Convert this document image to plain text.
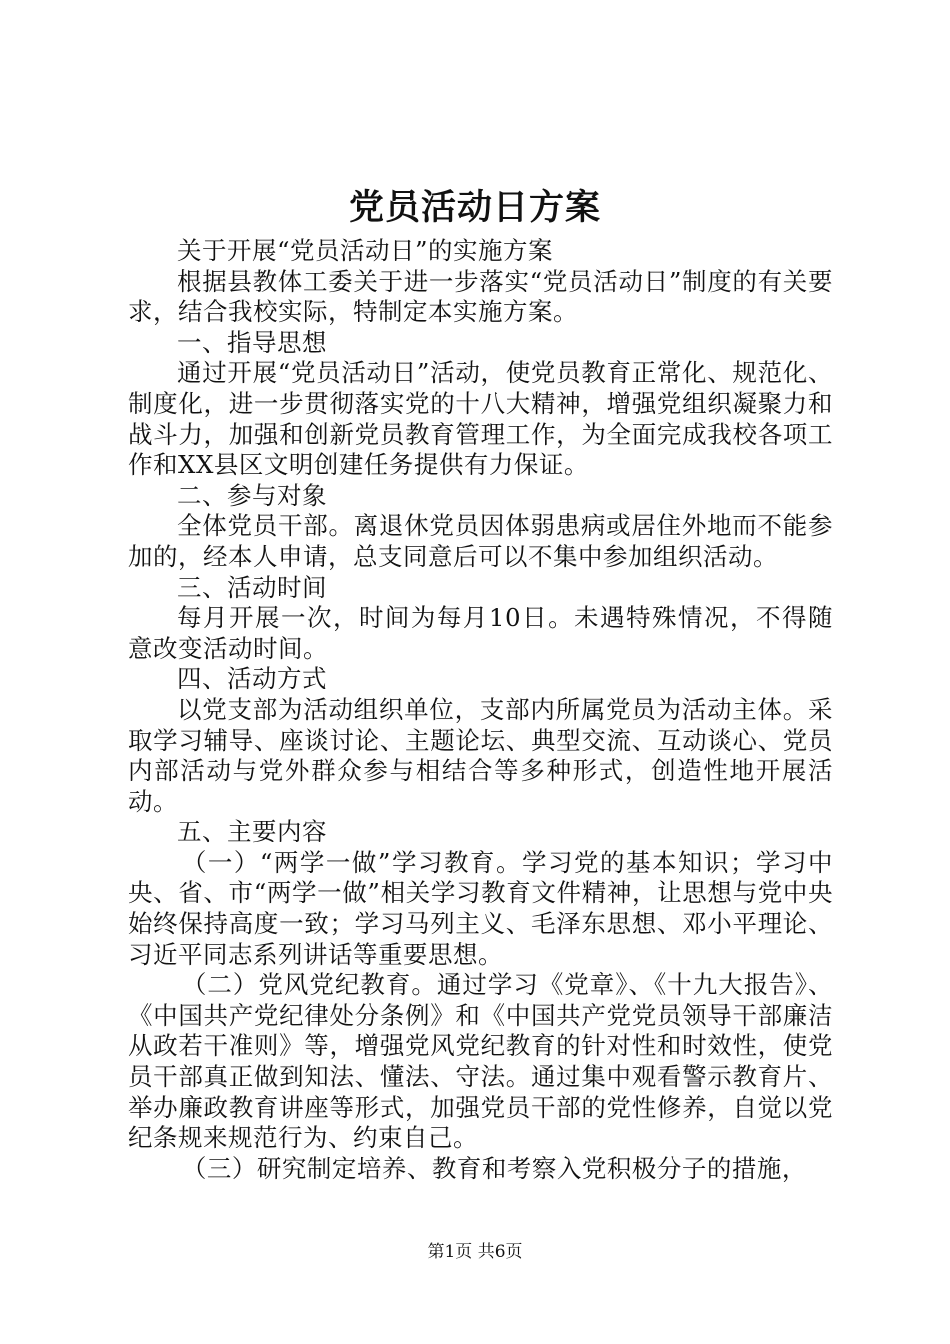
党员活动日方案

关于开展“党员活动日”的实施方案

根据县教体工委关于进一步落实“党员活动日”制度的有关要求，结合我校实际，特制定本实施方案。

一、指导思想

通过开展“党员活动日”活动，使党员教育正常化、规范化、制度化，进一步贯彻落实党的十八大精神，增强党组织凝聚力和战斗力，加强和创新党员教育管理工作，为全面完成我校各项工作和XX县区文明创建任务提供有力保证。

二、参与对象

全体党员干部。离退休党员因体弱患病或居住外地而不能参加的，经本人申请，总支同意后可以不集中参加组织活动。

三、活动时间

每月开展一次，时间为每月10日。未遇特殊情况，不得随意改变活动时间。

四、活动方式

以党支部为活动组织单位，支部内所属党员为活动主体。采取学习辅导、座谈讨论、主题论坛、典型交流、互动谈心、党员内部活动与党外群众参与相结合等多种形式，创造性地开展活动。

五、主要内容

（一）“两学一做”学习教育。学习党的基本知识；学习中央、省、市“两学一做”相关学习教育文件精神，让思想与党中央始终保持高度一致；学习马列主义、毛泽东思想、邓小平理论、习近平同志系列讲话等重要思想。

（二）党风党纪教育。通过学习《党章》、《十九大报告》、《中国共产党纪律处分条例》和《中国共产党党员领导干部廉洁从政若干准则》等，增强党风党纪教育的针对性和时效性，使党员干部真正做到知法、懂法、守法。通过集中观看警示教育片、举办廉政教育讲座等形式，加强党员干部的党性修养，自觉以党纪条规来规范行为、约束自己。

（三）研究制定培养、教育和考察入党积极分子的措施，

第1页 共6页
